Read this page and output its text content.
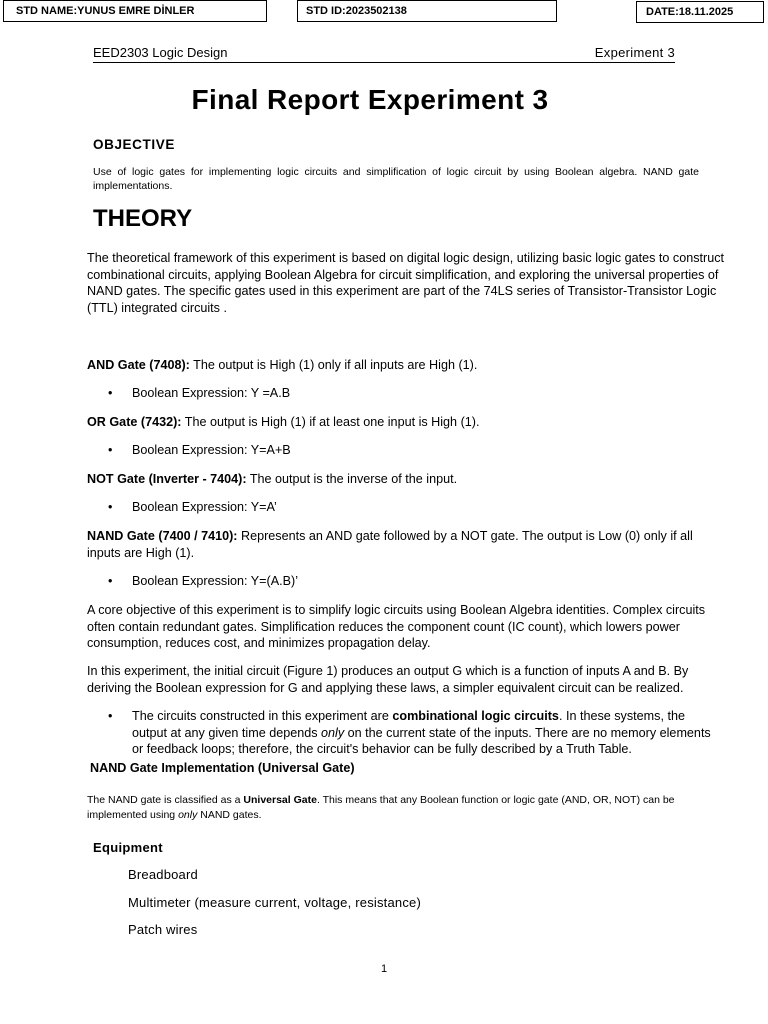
STD NAME:YUNUS EMRE DİNLER	STD ID:2023502138	DATE:18.11.2025
EED2303 Logic Design	Experiment 3
Final Report Experiment 3
OBJECTIVE
Use of logic gates for implementing logic circuits and simplification of logic circuit by using Boolean algebra. NAND gate implementations.
THEORY
The theoretical framework of this experiment is based on digital logic design, utilizing basic logic gates to construct combinational circuits, applying Boolean Algebra for circuit simplification, and exploring the universal properties of NAND gates. The specific gates used in this experiment are part of the 74LS series of Transistor-Transistor Logic (TTL) integrated circuits .
AND Gate (7408): The output is High (1) only if all inputs are High (1).
• Boolean Expression: Y =A.B
OR Gate (7432): The output is High (1) if at least one input is High (1).
• Boolean Expression: Y=A+B
NOT Gate (Inverter - 7404): The output is the inverse of the input.
• Boolean Expression: Y=A’
NAND Gate (7400 / 7410): Represents an AND gate followed by a NOT gate. The output is Low (0) only if all inputs are High (1).
• Boolean Expression: Y=(A.B)’
A core objective of this experiment is to simplify logic circuits using Boolean Algebra identities. Complex circuits often contain redundant gates. Simplification reduces the component count (IC count), which lowers power consumption, reduces cost, and minimizes propagation delay.
In this experiment, the initial circuit (Figure 1) produces an output G which is a function of inputs A and B. By deriving the Boolean expression for G and applying these laws, a simpler equivalent circuit can be realized.
• The circuits constructed in this experiment are combinational logic circuits. In these systems, the output at any given time depends only on the current state of the inputs. There are no memory elements or feedback loops; therefore, the circuit's behavior can be fully described by a Truth Table.
NAND Gate Implementation (Universal Gate)
The NAND gate is classified as a Universal Gate. This means that any Boolean function or logic gate (AND, OR, NOT) can be implemented using only NAND gates.
Equipment
Breadboard
Multimeter (measure current, voltage, resistance)
Patch wires
1
